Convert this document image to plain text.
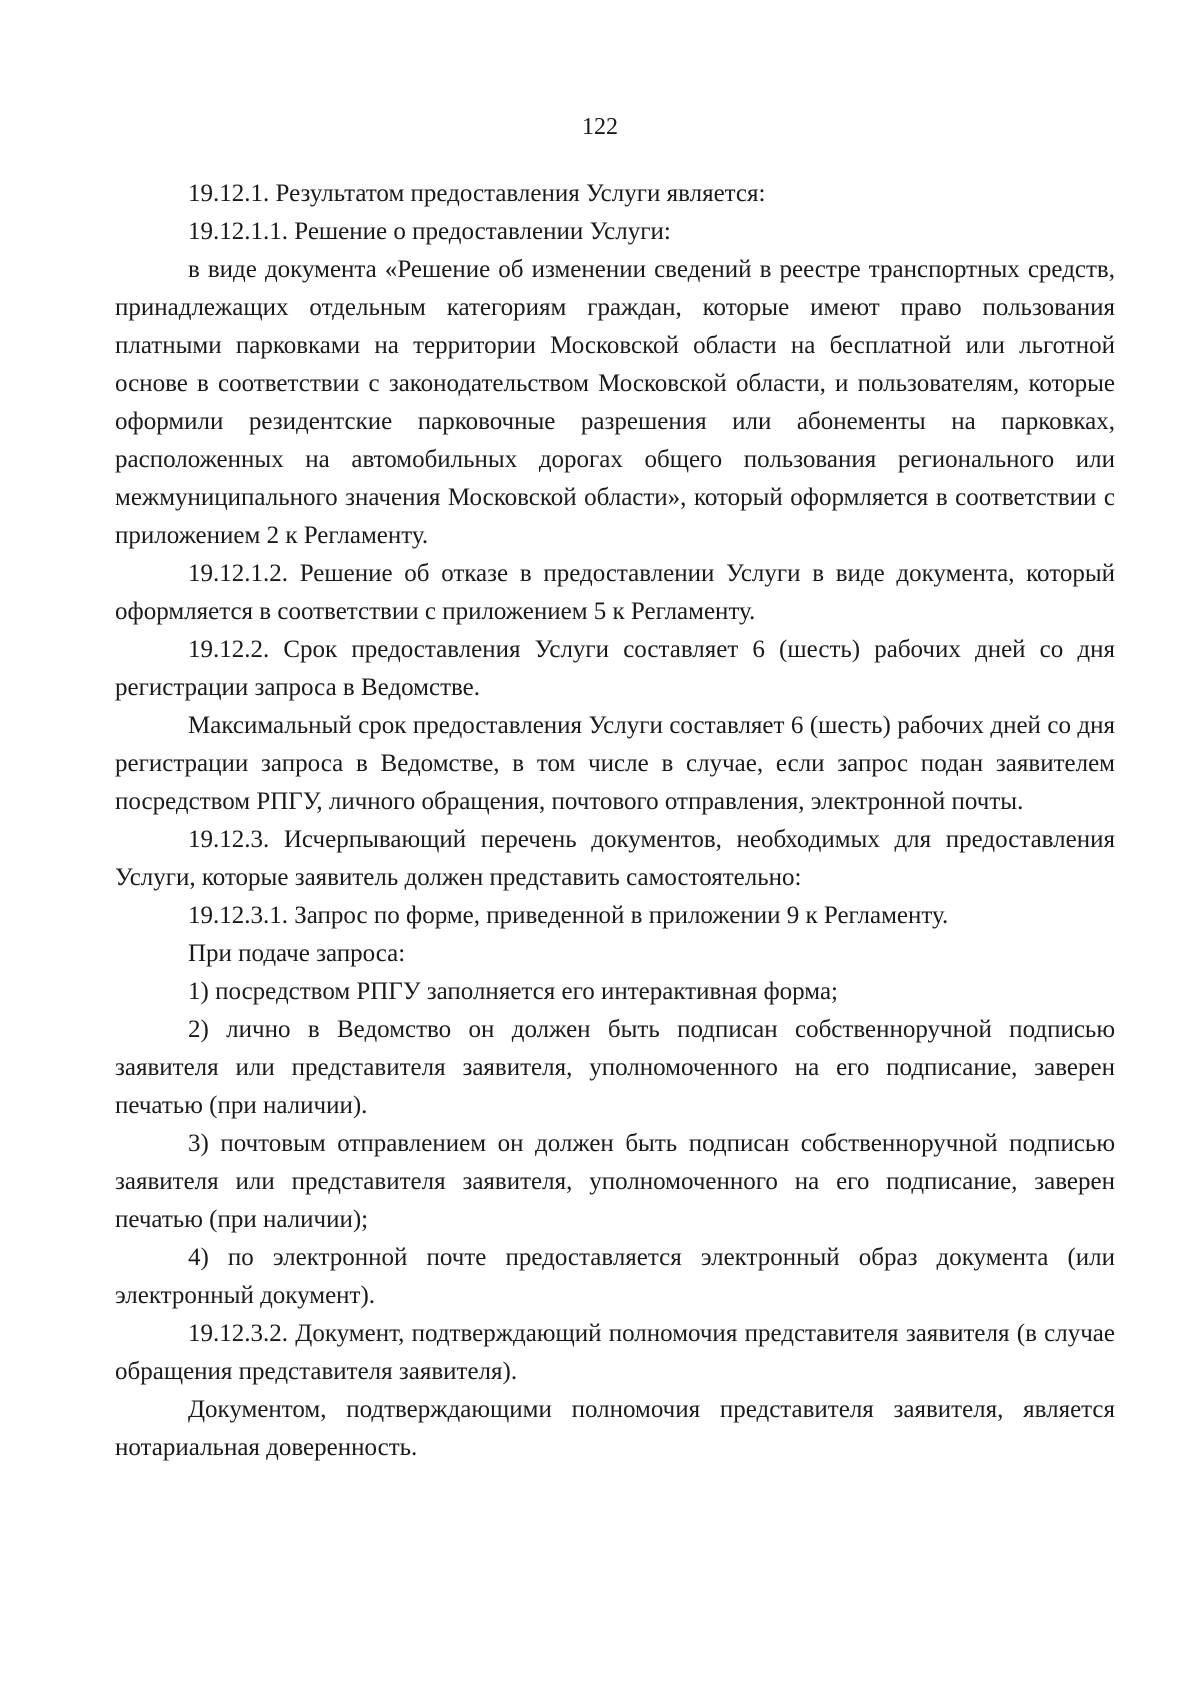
122

19.12.1. Результатом предоставления Услуги является:

19.12.1.1. Решение о предоставлении Услуги:

в виде документа «Решение об изменении сведений в реестре транспортных средств, принадлежащих отдельным категориям граждан, которые имеют право пользования платными парковками на территории Московской области на бесплатной или льготной основе в соответствии с законодательством Московской области, и пользователям, которые оформили резидентские парковочные разрешения или абонементы на парковках, расположенных на автомобильных дорогах общего пользования регионального или межмуниципального значения Московской области», который оформляется в соответствии с приложением 2 к Регламенту.

19.12.1.2. Решение об отказе в предоставлении Услуги в виде документа, который оформляется в соответствии с приложением 5 к Регламенту.

19.12.2. Срок предоставления Услуги составляет 6 (шесть) рабочих дней со дня регистрации запроса в Ведомстве.

Максимальный срок предоставления Услуги составляет 6 (шесть) рабочих дней со дня регистрации запроса в Ведомстве, в том числе в случае, если запрос подан заявителем посредством РПГУ, личного обращения, почтового отправления, электронной почты.

19.12.3. Исчерпывающий перечень документов, необходимых для предоставления Услуги, которые заявитель должен представить самостоятельно:

19.12.3.1. Запрос по форме, приведенной в приложении 9 к Регламенту.

При подаче запроса:

1) посредством РПГУ заполняется его интерактивная форма;

2) лично в Ведомство он должен быть подписан собственноручной подписью заявителя или представителя заявителя, уполномоченного на его подписание, заверен печатью (при наличии).

3) почтовым отправлением он должен быть подписан собственноручной подписью заявителя или представителя заявителя, уполномоченного на его подписание, заверен печатью (при наличии);

4) по электронной почте предоставляется электронный образ документа (или электронный документ).

19.12.3.2. Документ, подтверждающий полномочия представителя заявителя (в случае обращения представителя заявителя).

Документом, подтверждающими полномочия представителя заявителя, является нотариальная доверенность.
